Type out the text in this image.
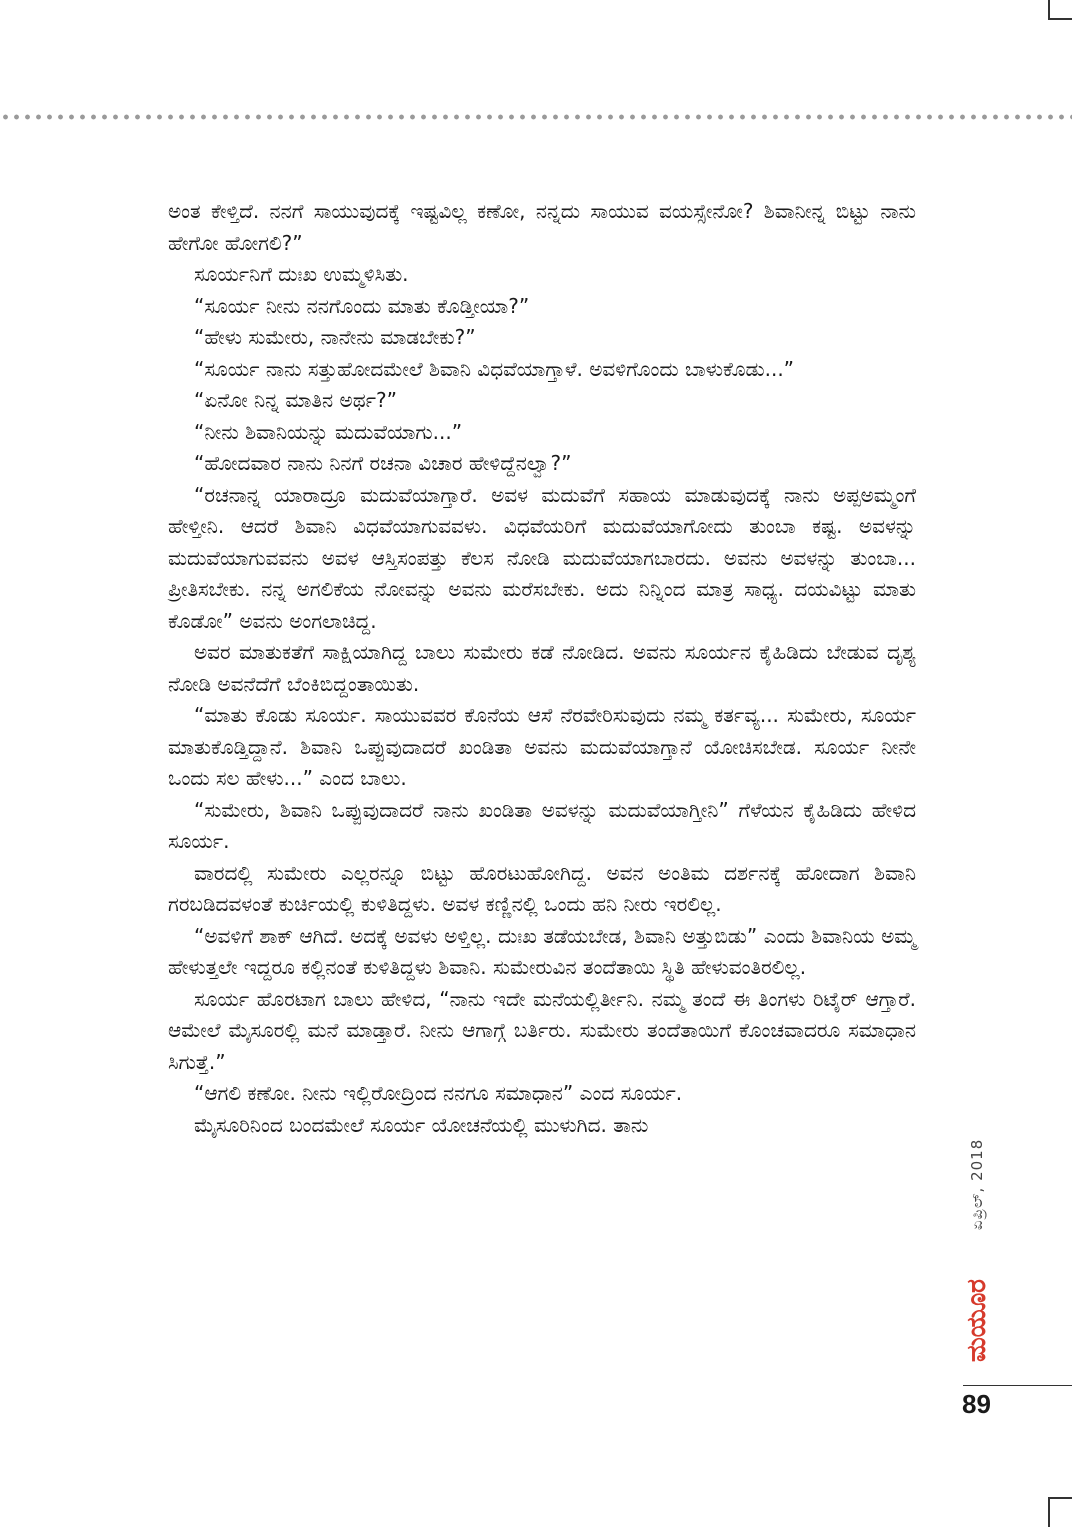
ಅಂತ ಕೇಳ್ತಿದೆ. ನನಗೆ ಸಾಯುವುದಕ್ಕೆ ಇಷ್ಟವಿಲ್ಲ ಕಣೋ, ನನ್ನದು ಸಾಯುವ ವಯಸ್ಸೇನೋ? ಶಿವಾನೀನ್ನ ಬಿಟ್ಟು ನಾನು ಹೇಗೋ ಹೋಗಲಿ?”

ಸೂರ್ಯನಿಗೆ ದುಃಖ ಉಮ್ಮಳಿಸಿತು.

“ಸೂರ್ಯ ನೀನು ನನಗೊಂದು ಮಾತು ಕೊಡ್ತೀಯಾ?”

“ಹೇಳು ಸುಮೇರು, ನಾನೇನು ಮಾಡಬೇಕು?”

“ಸೂರ್ಯ ನಾನು ಸತ್ತುಹೋದಮೇಲೆ ಶಿವಾನಿ ವಿಧವೆಯಾಗ್ತಾಳೆ. ಅವಳಿಗೊಂದು ಬಾಳುಕೊಡು...”

“ಏನೋ ನಿನ್ನ ಮಾತಿನ ಅರ್ಥ?”

“ನೀನು ಶಿವಾನಿಯನ್ನು ಮದುವೆಯಾಗು...”

“ಹೋದವಾರ ನಾನು ನಿನಗೆ ರಚನಾ ವಿಚಾರ ಹೇಳಿದ್ದೆನಲ್ವಾ?”

“ರಚನಾನ್ನ ಯಾರಾದ್ರೂ ಮದುವೆಯಾಗ್ತಾರೆ. ಅವಳ ಮದುವೆಗೆ ಸಹಾಯ ಮಾಡುವುದಕ್ಕೆ ನಾನು ಅಪ್ಪಅಮ್ಮಂಗೆ ಹೇಳ್ತೀನಿ. ಆದರೆ ಶಿವಾನಿ ವಿಧವೆಯಾಗುವವಳು. ವಿಧವೆಯರಿಗೆ ಮದುವೆಯಾಗೋದು ತುಂಬಾ ಕಷ್ಟ. ಅವಳನ್ನು ಮದುವೆಯಾಗುವವನು ಅವಳ ಆಸ್ತಿಸಂಪತ್ತು ಕೆಲಸ ನೋಡಿ ಮದುವೆಯಾಗಬಾರದು. ಅವನು ಅವಳನ್ನು ತುಂಬಾ... ಪ್ರೀತಿಸಬೇಕು. ನನ್ನ ಅಗಲಿಕೆಯ ನೋವನ್ನು ಅವನು ಮರೆಸಬೇಕು. ಅದು ನಿನ್ನಿಂದ ಮಾತ್ರ ಸಾಧ್ಯ. ದಯವಿಟ್ಟು ಮಾತು ಕೊಡೋ” ಅವನು ಅಂಗಲಾಚಿದ್ದ.

ಅವರ ಮಾತುಕತೆಗೆ ಸಾಕ್ಷಿಯಾಗಿದ್ದ ಬಾಲು ಸುಮೇರು ಕಡೆ ನೋಡಿದ. ಅವನು ಸೂರ್ಯನ ಕೈಹಿಡಿದು ಬೇಡುವ ದೃಶ್ಯ ನೋಡಿ ಅವನೆದೆಗೆ ಬೆಂಕಿಬಿದ್ದಂತಾಯಿತು.

“ಮಾತು ಕೊಡು ಸೂರ್ಯ. ಸಾಯುವವರ ಕೊನೆಯ ಆಸೆ ನೆರವೇರಿಸುವುದು ನಮ್ಮ ಕರ್ತವ್ಯ... ಸುಮೇರು, ಸೂರ್ಯ ಮಾತುಕೊಡ್ತಿದ್ದಾನೆ. ಶಿವಾನಿ ಒಪ್ಪುವುದಾದರೆ ಖಂಡಿತಾ ಅವನು ಮದುವೆಯಾಗ್ತಾನೆ ಯೋಚಿಸಬೇಡ. ಸೂರ್ಯ ನೀನೇ ಒಂದು ಸಲ ಹೇಳು...” ಎಂದ ಬಾಲು.

“ಸುಮೇರು, ಶಿವಾನಿ ಒಪ್ಪುವುದಾದರೆ ನಾನು ಖಂಡಿತಾ ಅವಳನ್ನು ಮದುವೆಯಾಗ್ತೀನಿ” ಗೆಳೆಯನ ಕೈಹಿಡಿದು ಹೇಳಿದ ಸೂರ್ಯ.

ವಾರದಲ್ಲಿ ಸುಮೇರು ಎಲ್ಲರನ್ನೂ ಬಿಟ್ಟು ಹೊರಟುಹೋಗಿದ್ದ. ಅವನ ಅಂತಿಮ ದರ್ಶನಕ್ಕೆ ಹೋದಾಗ ಶಿವಾನಿ ಗರಬಡಿದವಳಂತೆ ಕುರ್ಚಿಯಲ್ಲಿ ಕುಳಿತಿದ್ದಳು. ಅವಳ ಕಣ್ಣಿನಲ್ಲಿ ಒಂದು ಹನಿ ನೀರು ಇರಲಿಲ್ಲ.

“ಅವಳಿಗೆ ಶಾಕ್ ಆಗಿದೆ. ಅದಕ್ಕೆ ಅವಳು ಅಳ್ತಿಲ್ಲ. ದುಃಖ ತಡೆಯಬೇಡ, ಶಿವಾನಿ ಅತ್ತುಬಿಡು” ಎಂದು ಶಿವಾನಿಯ ಅಮ್ಮ ಹೇಳುತ್ತಲೇ ಇದ್ದರೂ ಕಲ್ಲಿನಂತೆ ಕುಳಿತಿದ್ದಳು ಶಿವಾನಿ. ಸುಮೇರುವಿನ ತಂದೆತಾಯಿ ಸ್ಥಿತಿ ಹೇಳುವಂತಿರಲಿಲ್ಲ.

ಸೂರ್ಯ ಹೊರಟಾಗ ಬಾಲು ಹೇಳಿದ, “ನಾನು ಇದೇ ಮನೆಯಲ್ಲಿರ್ತೀನಿ. ನಮ್ಮ ತಂದೆ ಈ ತಿಂಗಳು ರಿಟೈರ್ ಆಗ್ತಾರೆ. ಆಮೇಲೆ ಮೈಸೂರಲ್ಲಿ ಮನೆ ಮಾಡ್ತಾರೆ. ನೀನು ಆಗಾಗ್ಗೆ ಬರ್ತಿರು. ಸುಮೇರು ತಂದೆತಾಯಿಗೆ ಕೊಂಚವಾದರೂ ಸಮಾಧಾನ ಸಿಗುತ್ತೆ.”

“ಆಗಲಿ ಕಣೋ. ನೀನು ಇಲ್ಲಿರೋದ್ರಿಂದ ನನಗೂ ಸಮಾಧಾನ” ಎಂದ ಸೂರ್ಯ.

ಮೈಸೂರಿನಿಂದ ಬಂದಮೇಲೆ ಸೂರ್ಯ ಯೋಚನೆಯಲ್ಲಿ ಮುಳುಗಿದ. ತಾನು

ಏಪ್ರಿಲ್, 2018
ಮಯೂರ
89
